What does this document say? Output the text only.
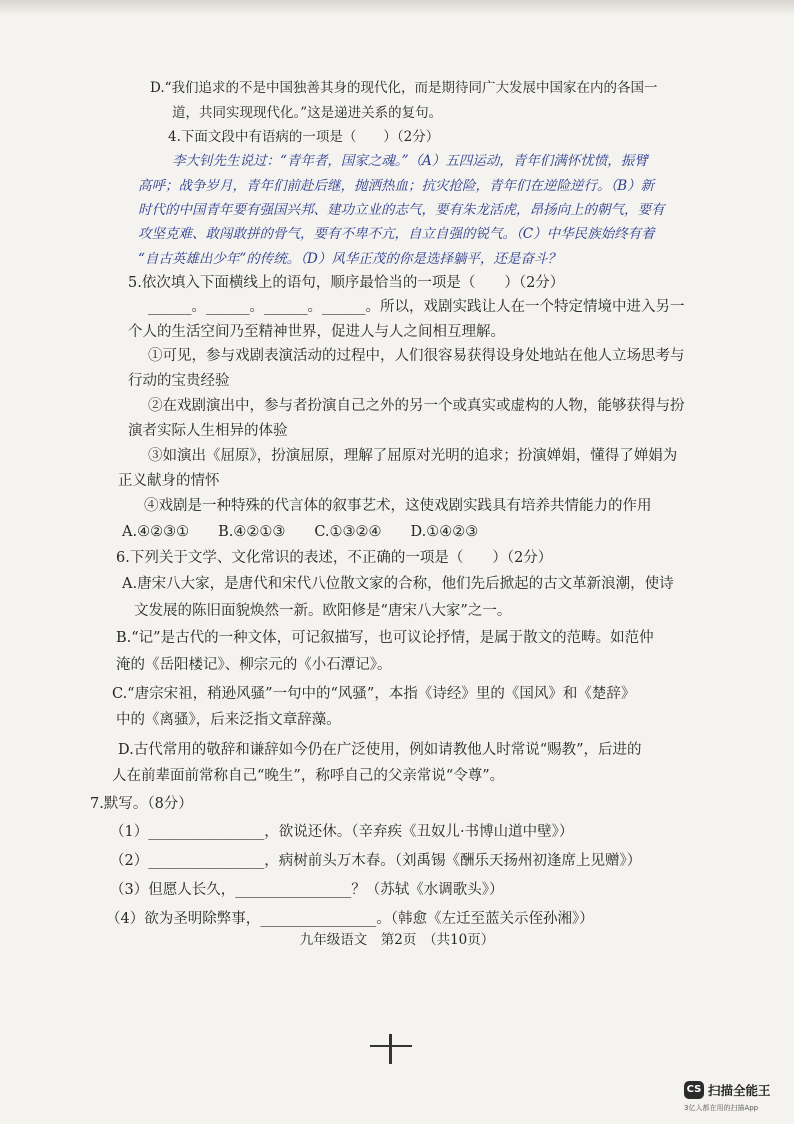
D.“我们追求的不是中国独善其身的现代化，而是期待同广大发展中国家在内的各国一
道，共同实现现代化。”这是递进关系的复句。
4.下面文段中有语病的一项是（　　）（2分）
李大钊先生说过：“青年者，国家之魂。”（A）五四运动，青年们满怀忧愤，振臂
高呼；战争岁月，青年们前赴后继，抛洒热血；抗灾抢险，青年们在逆险逆行。（B）新
时代的中国青年要有强国兴邦、建功立业的志气，要有朱龙活虎，昂扬向上的朝气，要有
攻坚克难、敢闯敢拼的骨气，要有不卑不亢，自立自强的锐气。（C）中华民族始终有着
“自古英雄出少年”的传统。（D）风华正茂的你是选择躺平，还是奋斗？
5.依次填入下面横线上的语句，顺序最恰当的一项是（　　）（2分）
______。______。______。______。所以，戏剧实践让人在一个特定情境中进入另一
个人的生活空间乃至精神世界，促进人与人之间相互理解。
①可见，参与戏剧表演活动的过程中，人们很容易获得设身处地站在他人立场思考与
行动的宝贵经验
②在戏剧演出中，参与者扮演自己之外的另一个或真实或虚构的人物，能够获得与扮
演者实际人生相异的体验
③如演出《屈原》，扮演屈原，理解了屈原对光明的追求；扮演婵娟，懂得了婵娟为
正义献身的情怀
④戏剧是一种特殊的代言体的叙事艺术，这使戏剧实践具有培养共情能力的作用
A.④②③①　　B.④②①③　　C.①③②④　　D.①④②③
6.下列关于文学、文化常识的表述，不正确的一项是（　　）（2分）
A.唐宋八大家，是唐代和宋代八位散文家的合称，他们先后掀起的古文革新浪潮，使诗
文发展的陈旧面貌焕然一新。欧阳修是“唐宋八大家”之一。
B.“记”是古代的一种文体，可记叙描写，也可议论抒情，是属于散文的范畴。如范仲
淹的《岳阳楼记》、柳宗元的《小石潭记》。
C.“唐宗宋祖，稍逊风骚”一句中的“风骚”，本指《诗经》里的《国风》和《楚辞》
中的《离骚》，后来泛指文章辞藻。
D.古代常用的敬辞和谦辞如今仍在广泛使用，例如请教他人时常说“赐教”，后进的
人在前辈面前常称自己“晚生”，称呼自己的父亲常说“令尊”。
7.默写。（8分）
（1）________________，欲说还休。（辛弃疾《丑奴儿·书博山道中壁》）
（2）________________，病树前头万木春。（刘禹锡《酬乐天扬州初逢席上见赠》）
（3）但愿人长久，________________？（苏轼《水调歌头》）
（4）欲为圣明除弊事，________________。（韩愈《左迁至蓝关示侄孙湘》）
九年级语文　第2页　（共10页）
CS 扫描全能王
3亿人都在用的扫描App
